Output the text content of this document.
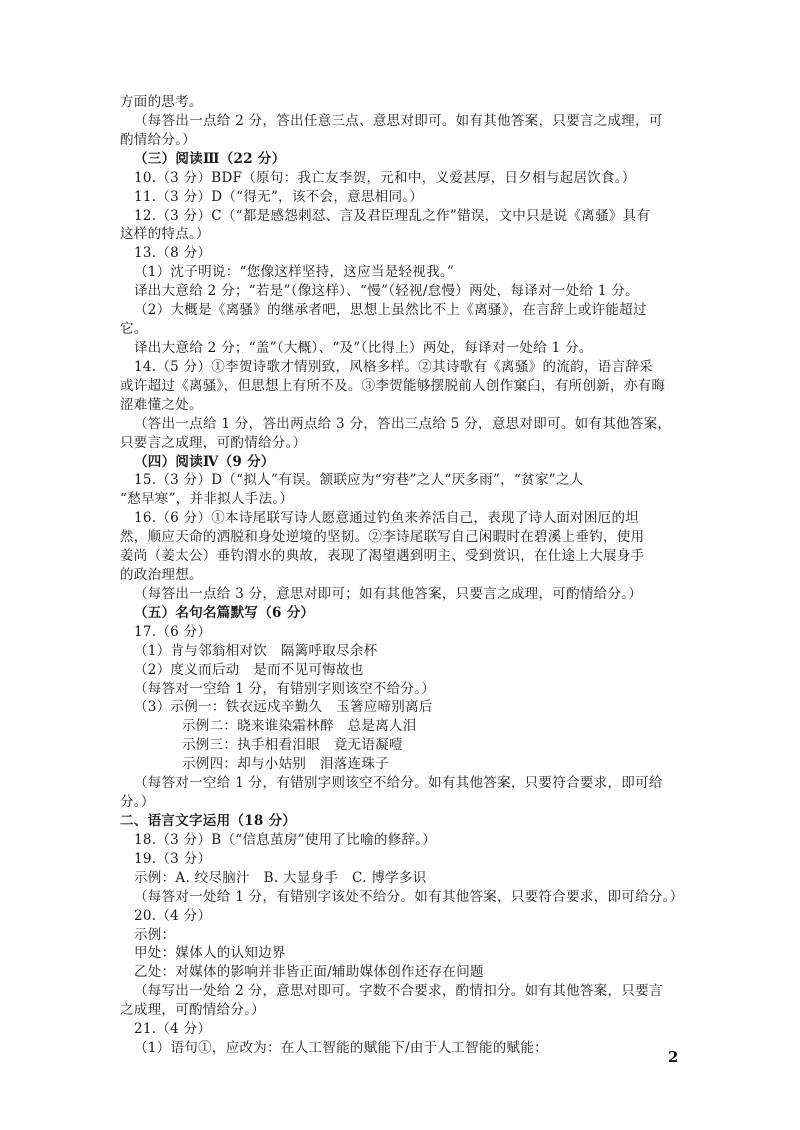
方面的思考。
（每答出一点给 2 分，答出任意三点、意思对即可。如有其他答案，只要言之成理，可
酌情给分。）
（三）阅读Ⅲ（22 分）
10.（3 分）BDF（原句：我亡友李贺，元和中，义爱甚厚，日夕相与起居饮食。）
11.（3 分）D（“得无”，该不会，意思相同。）
12.（3 分）C（“都是感怨刺怼、言及君臣理乱之作”错误，文中只是说《离骚》具有
这样的特点。）
13.（8 分）
（1）沈子明说：“您像这样坚持，这应当是轻视我。”
译出大意给 2 分；“若是”（像这样）、“慢”（轻视/怠慢）两处，每译对一处给 1 分。
（2）大概是《离骚》的继承者吧，思想上虽然比不上《离骚》，在言辞上或许能超过
它。
译出大意给 2 分；“盖”（大概）、“及”（比得上）两处，每译对一处给 1 分。
14.（5 分）①李贺诗歌才情别致，风格多样。②其诗歌有《离骚》的流韵，语言辞采
或许超过《离骚》，但思想上有所不及。③李贺能够摆脱前人创作窠臼，有所创新，亦有晦
涩难懂之处。
（答出一点给 1 分，答出两点给 3 分，答出三点给 5 分，意思对即可。如有其他答案，
只要言之成理，可酌情给分。）
（四）阅读Ⅳ（9 分）
15.（3 分）D（“拟人”有误。颔联应为“穷巷”之人“厌多雨”，“贫家”之人
“愁早寒”，并非拟人手法。）
16.（6 分）①本诗尾联写诗人愿意通过钓鱼来养活自己，表现了诗人面对困厄的坦
然，顺应天命的洒脱和身处逆境的坚韧。②李诗尾联写自己闲暇时在碧溪上垂钓，使用
姜尚（姜太公）垂钓渭水的典故，表现了渴望遇到明主、受到赏识，在仕途上大展身手
的政治理想。
（每答出一点给 3 分，意思对即可；如有其他答案，只要言之成理，可酌情给分。）
（五）名句名篇默写（6 分）
17.（6 分）
（1）肯与邻翁相对饮　隔篱呼取尽余杯
（2）度义而后动　是而不见可悔故也
（每答对一空给 1 分，有错别字则该空不给分。）
（3）示例一：铁衣远戍辛勤久　玉箸应啼别离后
示例二：晓来谁染霜林醉　总是离人泪
示例三：执手相看泪眼　竟无语凝噎
示例四：却与小姑别　泪落连珠子
（每答对一空给 1 分，有错别字则该空不给分。如有其他答案，只要符合要求，即可给
分。）
二、语言文字运用（18 分）
18.（3 分）B（“信息茧房”使用了比喻的修辞。）
19.（3 分）
示例：A. 绞尽脑汁　B. 大显身手　C. 博学多识
（每答对一处给 1 分，有错别字该处不给分。如有其他答案，只要符合要求，即可给分。）
20.（4 分）
示例：
甲处：媒体人的认知边界
乙处：对媒体的影响并非皆正面/辅助媒体创作还存在问题
（每写出一处给 2 分，意思对即可。字数不合要求，酌情扣分。如有其他答案，只要言
之成理，可酌情给分。）
21.（4 分）
（1）语句①，应改为：在人工智能的赋能下/由于人工智能的赋能：	2
